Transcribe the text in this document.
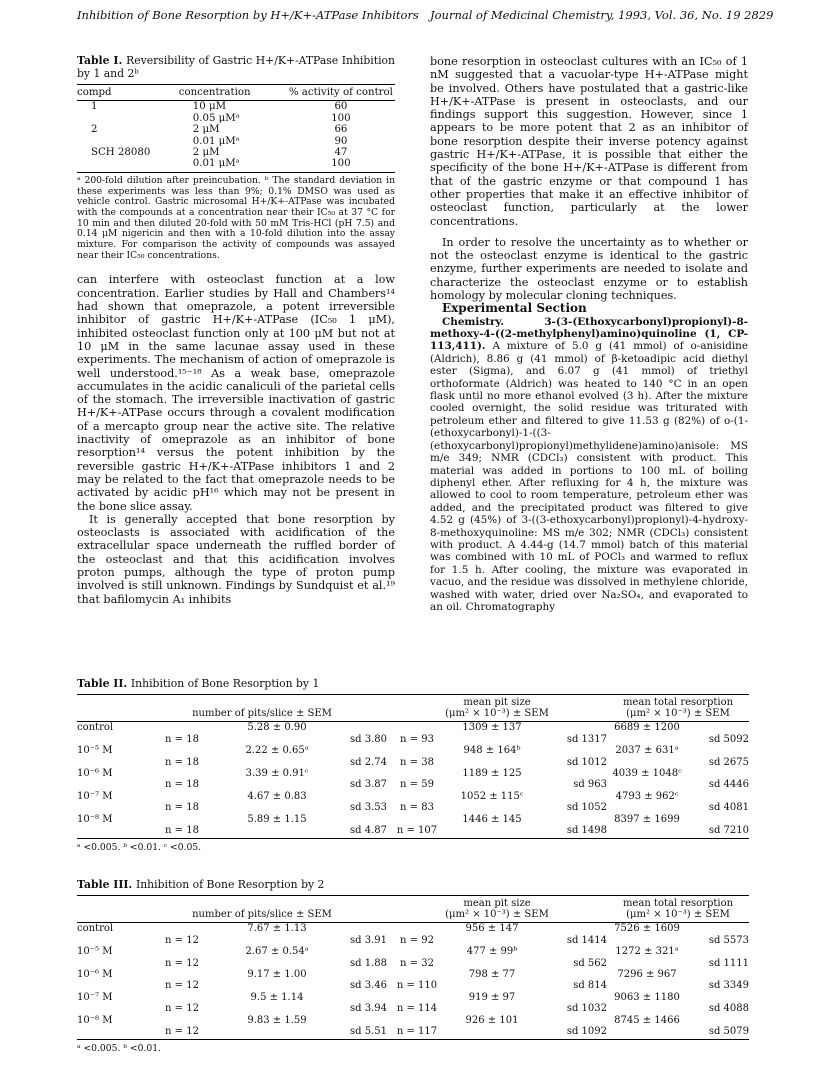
Inhibition of Bone Resorption by H+/K+-ATPase Inhibitors Journal of Medicinal Chemistry, 1993, Vol. 36, No. 19 2829
Table I. Reversibility of Gastric H+/K+-ATPase Inhibition by 1 and 2ᵇ
compd	concentration	% activity of control
1	10 μM	60
	0.05 μMᵃ	100
2	2 μM	66
	0.01 μMᵃ	90
SCH 28080	2 μM	47
	0.01 μMᵃ	100
ᵃ 200-fold dilution after preincubation. ᵇ The standard deviation in these experiments was less than 9%; 0.1% DMSO was used as vehicle control. Gastric microsomal H+/K+-ATPase was incubated with the compounds at a concentration near their IC₅₀ at 37 °C for 10 min and then diluted 20-fold with 50 mM Tris-HCl (pH 7.5) and 0.14 μM nigericin and then with a 10-fold dilution into the assay mixture. For comparison the activity of compounds was assayed near their IC₅₀ concentrations.

can interfere with osteoclast function at a low concentration. Earlier studies by Hall and Chambers¹⁴ had shown that omeprazole, a potent irreversible inhibitor of gastric H+/K+-ATPase (IC₅₀ 1 μM), inhibited osteoclast function only at 100 μM but not at 10 μM in the same lacunae assay used in these experiments. The mechanism of action of omeprazole is well understood.¹⁵⁻¹⁸ As a weak base, omeprazole accumulates in the acidic canaliculi of the parietal cells of the stomach. The irreversible inactivation of gastric H+/K+-ATPase occurs through a covalent modification of a mercapto group near the active site. The relative inactivity of omeprazole as an inhibitor of bone resorption¹⁴ versus the potent inhibition by the reversible gastric H+/K+-ATPase inhibitors 1 and 2 may be related to the fact that omeprazole needs to be activated by acidic pH¹⁶ which may not be present in the bone slice assay.

It is generally accepted that bone resorption by osteoclasts is associated with acidification of the extracellular space underneath the ruffled border of the osteoclast and that this acidification involves proton pumps, although the type of proton pump involved is still unknown. Findings by Sundquist et al.¹⁹ that bafilomycin A₁ inhibits

bone resorption in osteoclast cultures with an IC₅₀ of 1 nM suggested that a vacuolar-type H+-ATPase might be involved. Others have postulated that a gastric-like H+/K+-ATPase is present in osteoclasts, and our findings support this suggestion. However, since 1 appears to be more potent that 2 as an inhibitor of bone resorption despite their inverse potency against gastric H+/K+-ATPase, it is possible that either the specificity of the bone H+/K+-ATPase is different from that of the gastric enzyme or that compound 1 has other properties that make it an effective inhibitor of osteoclast function, particularly at the lower concentrations.

In order to resolve the uncertainty as to whether or not the osteoclast enzyme is identical to the gastric enzyme, further experiments are needed to isolate and characterize the osteoclast enzyme or to establish homology by molecular cloning techniques.

Experimental Section

Chemistry. 3-(3-(Ethoxycarbonyl)propionyl)-8-methoxy-4-((2-methylphenyl)amino)quinoline (1, CP-113,411). A mixture of 5.0 g (41 mmol) of o-anisidine (Aldrich), 8.86 g (41 mmol) of β-ketoadipic acid diethyl ester (Sigma), and 6.07 g (41 mmol) of triethyl orthoformate (Aldrich) was heated to 140 °C in an open flask until no more ethanol evolved (3 h). After the mixture cooled overnight, the solid residue was triturated with petroleum ether and filtered to give 11.53 g (82%) of o-(1-(ethoxycarbonyl)-1-((3-(ethoxycarbonyl)propionyl)methylidene)amino)anisole: MS m/e 349; NMR (CDCl₃) consistent with product. This material was added in portions to 100 mL of boiling diphenyl ether. After refluxing for 4 h, the mixture was allowed to cool to room temperature, petroleum ether was added, and the precipitated product was filtered to give 4.52 g (45%) of 3-((3-ethoxycarbonyl)propionyl)-4-hydroxy-8-methoxyquinoline: MS m/e 302; NMR (CDCl₃) consistent with product. A 4.44-g (14.7 mmol) batch of this material was combined with 10 mL of POCl₃ and warmed to reflux for 1.5 h. After cooling, the mixture was evaporated in vacuo, and the residue was dissolved in methylene chloride, washed with water, dried over Na₂SO₄, and evaporated to an oil. Chromatography

Table II. Inhibition of Bone Resorption by 1
	number of pits/slice ± SEM			mean pit size
(μm² × 10⁻³) ± SEM			mean total resorption
(μm² × 10⁻³) ± SEM	
control		5.28 ± 0.90			1309 ± 137		6689 ± 1200	
	n = 18		sd 3.80	n = 93		sd 1317		sd 5092
10⁻⁵ M		2.22 ± 0.65ᵃ			948 ± 164ᵇ		2037 ± 631ᵃ	
	n = 18		sd 2.74	n = 38		sd 1012		sd 2675
10⁻⁶ M		3.39 ± 0.91ᶜ			1189 ± 125		4039 ± 1048ᶜ	
	n = 18		sd 3.87	n = 59		sd 963		sd 4446
10⁻⁷ M		4.67 ± 0.83			1052 ± 115ᶜ		4793 ± 962ᶜ	
	n = 18		sd 3.53	n = 83		sd 1052		sd 4081
10⁻⁸ M		5.89 ± 1.15			1446 ± 145		8397 ± 1699	
	n = 18		sd 4.87	n = 107		sd 1498		sd 7210
ᵃ <0.005. ᵇ <0.01. ᶜ <0.05.
Table III. Inhibition of Bone Resorption by 2
	number of pits/slice ± SEM			mean pit size
(μm² × 10⁻³) ± SEM			mean total resorption
(μm² × 10⁻³) ± SEM	
control		7.67 ± 1.13			956 ± 147		7526 ± 1609	
	n = 12		sd 3.91	n = 92		sd 1414		sd 5573
10⁻⁵ M		2.67 ± 0.54ᵃ			477 ± 99ᵇ		1272 ± 321ᵃ	
	n = 12		sd 1.88	n = 32		sd 562		sd 1111
10⁻⁶ M		9.17 ± 1.00			798 ± 77		7296 ± 967	
	n = 12		sd 3.46	n = 110		sd 814		sd 3349
10⁻⁷ M		9.5 ± 1.14			919 ± 97		9063 ± 1180	
	n = 12		sd 3.94	n = 114		sd 1032		sd 4088
10⁻⁸ M		9.83 ± 1.59			926 ± 101		8745 ± 1466	
	n = 12		sd 5.51	n = 117		sd 1092		sd 5079
ᵃ <0.005. ᵇ <0.01.
